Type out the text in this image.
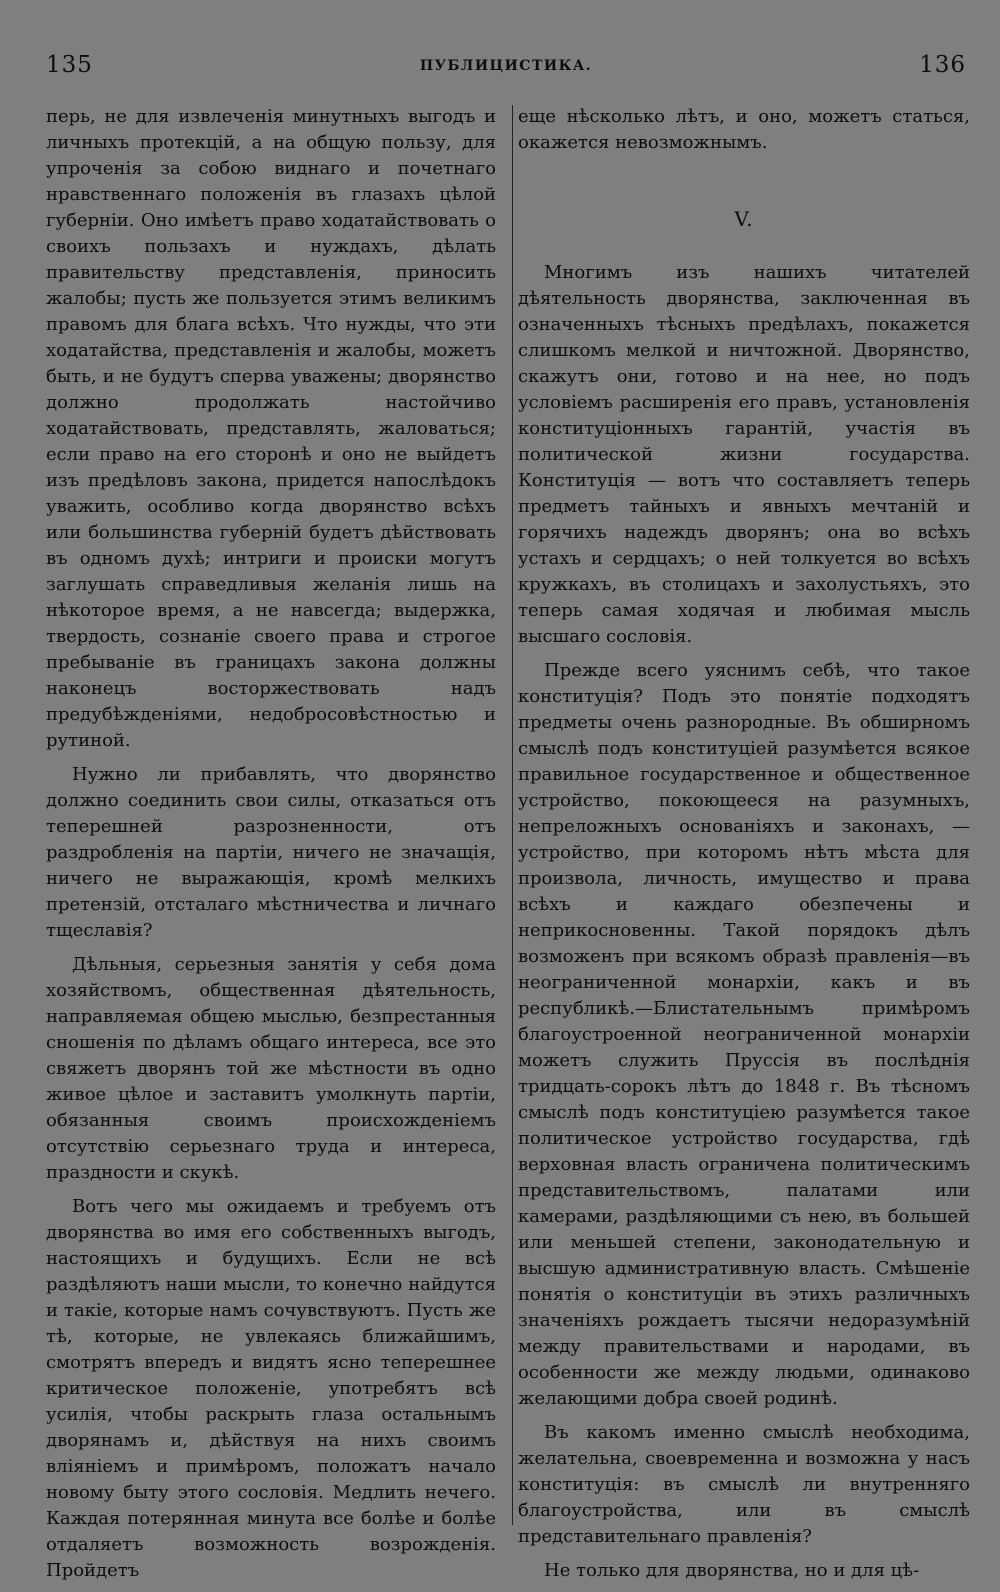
135	ПУБЛИЦИСТИКА.	136

перь, не для извлеченія минутныхъ выгодъ и личныхъ протекцій, а на общую пользу, для упроченія за собою виднаго и почетнаго нравственнаго положенія въ глазахъ цѣлой губерніи. Оно имѣетъ право ходатайствовать о своихъ пользахъ и нуждахъ, дѣлать правительству представленія, приносить жалобы; пусть же пользуется этимъ великимъ правомъ для блага всѣхъ. Что нужды, что эти ходатайства, представленія и жалобы, можетъ быть, и не будутъ сперва уважены; дворянство должно продолжать настойчиво ходатайствовать, представлять, жаловаться; если право на его сторонѣ и оно не выйдетъ изъ предѣловъ закона, придется напослѣдокъ уважить, особливо когда дворянство всѣхъ или большинства губерній будетъ дѣйствовать въ одномъ духѣ; интриги и происки могутъ заглушать справедливыя желанія лишь на нѣкоторое время, а не навсегда; выдержка, твердость, сознаніе своего права и строгое пребываніе въ границахъ закона должны наконецъ восторжествовать надъ предубѣжденіями, недобросовѣстностью и рутиной.

Нужно ли прибавлять, что дворянство должно соединить свои силы, отказаться отъ теперешней разрозненности, отъ раздробленія на партіи, ничего не значащія, ничего не выражающія, кромѣ мелкихъ претензій, отсталаго мѣстничества и личнаго тщеславія?

Дѣльныя, серьезныя занятія у себя дома хозяйствомъ, общественная дѣятельность, направляемая общею мыслью, безпрестанныя сношенія по дѣламъ общаго интереса, все это свяжетъ дворянъ той же мѣстности въ одно живое цѣлое и заставитъ умолкнуть партіи, обязанныя своимъ происхожденіемъ отсутствію серьезнаго труда и интереса, праздности и скукѣ.

Вотъ чего мы ожидаемъ и требуемъ отъ дворянства во имя его собственныхъ выгодъ, настоящихъ и будущихъ. Если не всѣ раздѣляютъ наши мысли, то конечно найдутся и такіе, которые намъ сочувствуютъ. Пусть же тѣ, которые, не увлекаясь ближайшимъ, смотрятъ впередъ и видятъ ясно теперешнее критическое положеніе, употребятъ всѣ усилія, чтобы раскрыть глаза остальнымъ дворянамъ и, дѣйствуя на нихъ своимъ вліяніемъ и примѣромъ, положатъ начало новому быту этого сословія. Медлить нечего. Каждая потерянная минута все болѣе и болѣе отдаляетъ возможность возрожденія. Пройдетъ

еще нѣсколько лѣтъ, и оно, можетъ статься, окажется невозможнымъ.

V.

Многимъ изъ нашихъ читателей дѣятельность дворянства, заключенная въ означенныхъ тѣсныхъ предѣлахъ, покажется слишкомъ мелкой и ничтожной. Дворянство, скажутъ они, готово и на нее, но подъ условіемъ расширенія его правъ, установленія конституціонныхъ гарантій, участія въ политической жизни государства. Конституція — вотъ что составляетъ теперь предметъ тайныхъ и явныхъ мечтаній и горячихъ надеждъ дворянъ; она во всѣхъ устахъ и сердцахъ; о ней толкуется во всѣхъ кружкахъ, въ столицахъ и захолустьяхъ, это теперь самая ходячая и любимая мысль высшаго сословія.

Прежде всего уяснимъ себѣ, что такое конституція? Подъ это понятіе подходятъ предметы очень разнородные. Въ обширномъ смыслѣ подъ конституціей разумѣется всякое правильное государственное и общественное устройство, покоющееся на разумныхъ, непреложныхъ основаніяхъ и законахъ, — устройство, при которомъ нѣтъ мѣста для произвола, личность, имущество и права всѣхъ и каждаго обезпечены и неприкосновенны. Такой порядокъ дѣлъ возможенъ при всякомъ образѣ правленія—въ неограниченной монархіи, какъ и въ республикѣ.—Блистательнымъ примѣромъ благоустроенной неограниченной монархіи можетъ служить Пруссія въ послѣднія тридцать-сорокъ лѣтъ до 1848 г. Въ тѣсномъ смыслѣ подъ конституціею разумѣется такое политическое устройство государства, гдѣ верховная власть ограничена политическимъ представительствомъ, палатами или камерами, раздѣляющими съ нею, въ большей или меньшей степени, законодательную и высшую административную власть. Смѣшеніе понятія о конституціи въ этихъ различныхъ значеніяхъ рождаетъ тысячи недоразумѣній между правительствами и народами, въ особенности же между людьми, одинаково желающими добра своей родинѣ.

Въ какомъ именно смыслѣ необходима, желательна, своевременна и возможна у насъ конституція: въ смыслѣ ли внутренняго благоустройства, или въ смыслѣ представительнаго правленія?

Не только для дворянства, но и для цѣ-
